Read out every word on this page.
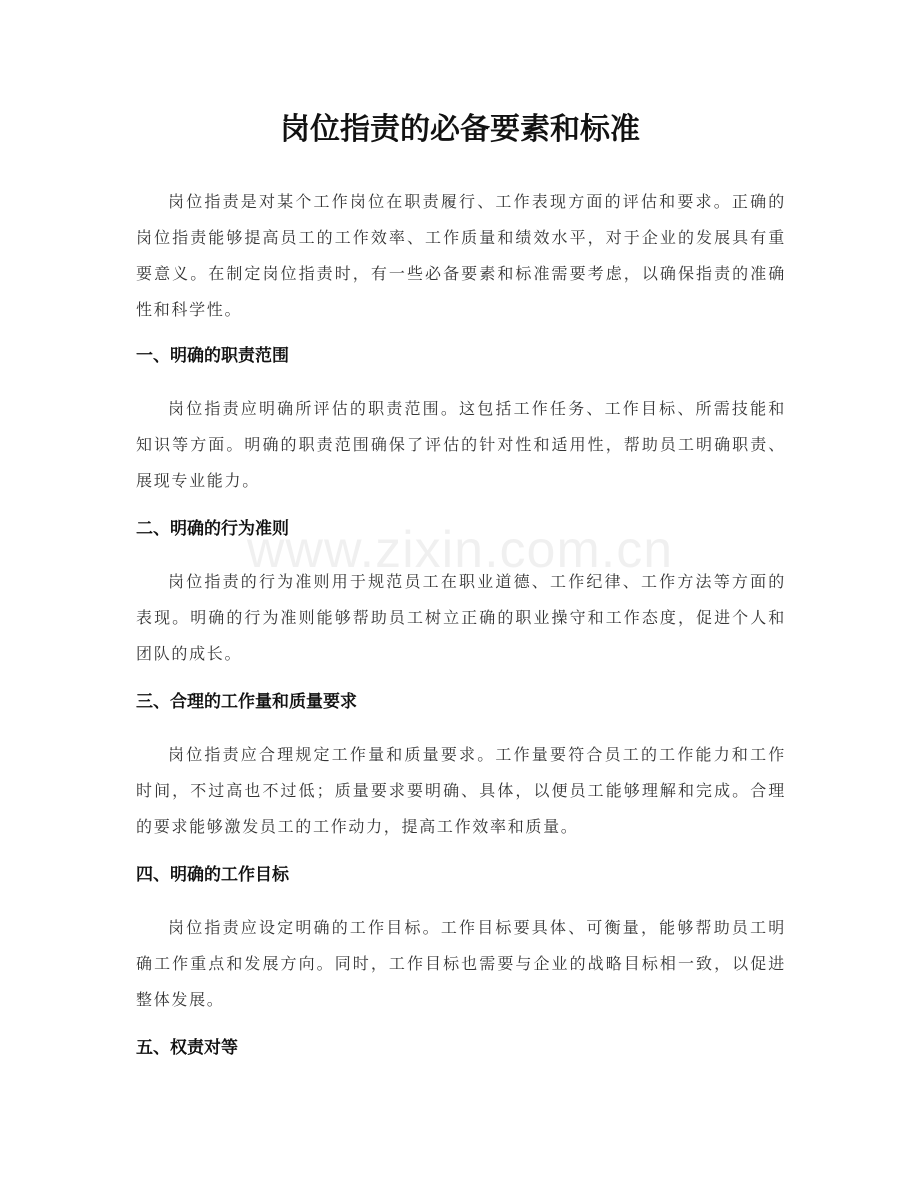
www.zixin.com.cn
岗位指责的必备要素和标准

岗位指责是对某个工作岗位在职责履行、工作表现方面的评估和要求。正确的岗位指责能够提高员工的工作效率、工作质量和绩效水平，对于企业的发展具有重要意义。在制定岗位指责时，有一些必备要素和标准需要考虑，以确保指责的准确性和科学性。

一、明确的职责范围

岗位指责应明确所评估的职责范围。这包括工作任务、工作目标、所需技能和知识等方面。明确的职责范围确保了评估的针对性和适用性，帮助员工明确职责、展现专业能力。

二、明确的行为准则

岗位指责的行为准则用于规范员工在职业道德、工作纪律、工作方法等方面的表现。明确的行为准则能够帮助员工树立正确的职业操守和工作态度，促进个人和团队的成长。

三、合理的工作量和质量要求

岗位指责应合理规定工作量和质量要求。工作量要符合员工的工作能力和工作时间，不过高也不过低；质量要求要明确、具体，以便员工能够理解和完成。合理的要求能够激发员工的工作动力，提高工作效率和质量。

四、明确的工作目标

岗位指责应设定明确的工作目标。工作目标要具体、可衡量，能够帮助员工明确工作重点和发展方向。同时，工作目标也需要与企业的战略目标相一致，以促进整体发展。

五、权责对等
